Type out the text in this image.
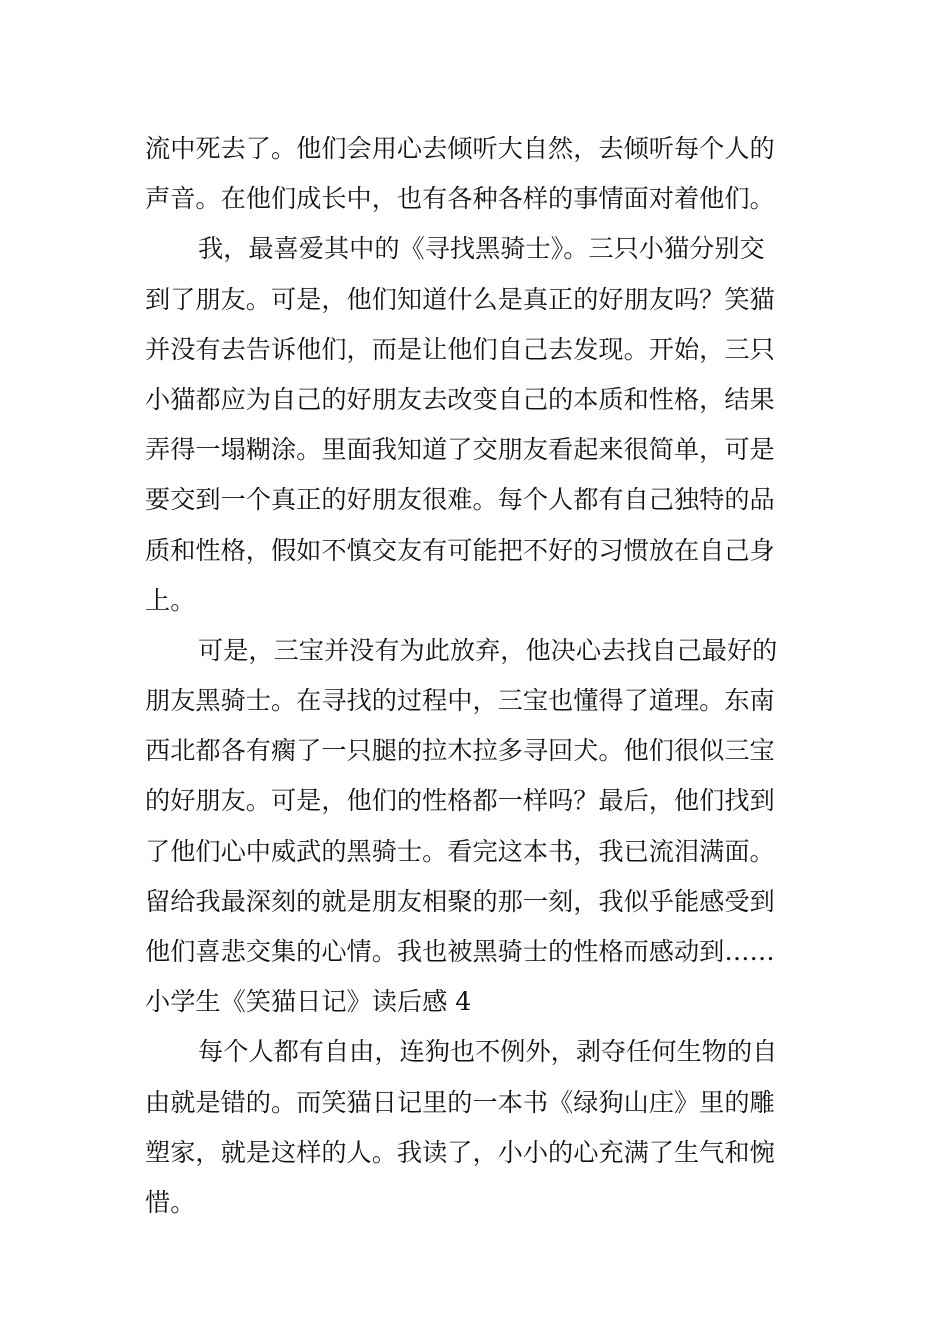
流中死去了。他们会用心去倾听大自然，去倾听每个人的
声音。在他们成长中，也有各种各样的事情面对着他们。
我，最喜爱其中的《寻找黑骑士》。三只小猫分别交
到了朋友。可是，他们知道什么是真正的好朋友吗？笑猫
并没有去告诉他们，而是让他们自己去发现。开始，三只
小猫都应为自己的好朋友去改变自己的本质和性格，结果
弄得一塌糊涂。里面我知道了交朋友看起来很简单，可是
要交到一个真正的好朋友很难。每个人都有自己独特的品
质和性格，假如不慎交友有可能把不好的习惯放在自己身
上。
可是，三宝并没有为此放弃，他决心去找自己最好的
朋友黑骑士。在寻找的过程中，三宝也懂得了道理。东南
西北都各有瘸了一只腿的拉木拉多寻回犬。他们很似三宝
的好朋友。可是，他们的性格都一样吗？最后，他们找到
了他们心中威武的黑骑士。看完这本书，我已流泪满面。
留给我最深刻的就是朋友相聚的那一刻，我似乎能感受到
他们喜悲交集的心情。我也被黑骑士的性格而感动到……
小学生《笑猫日记》读后感 4
每个人都有自由，连狗也不例外，剥夺任何生物的自
由就是错的。而笑猫日记里的一本书《绿狗山庄》里的雕
塑家，就是这样的人。我读了，小小的心充满了生气和惋
惜。
